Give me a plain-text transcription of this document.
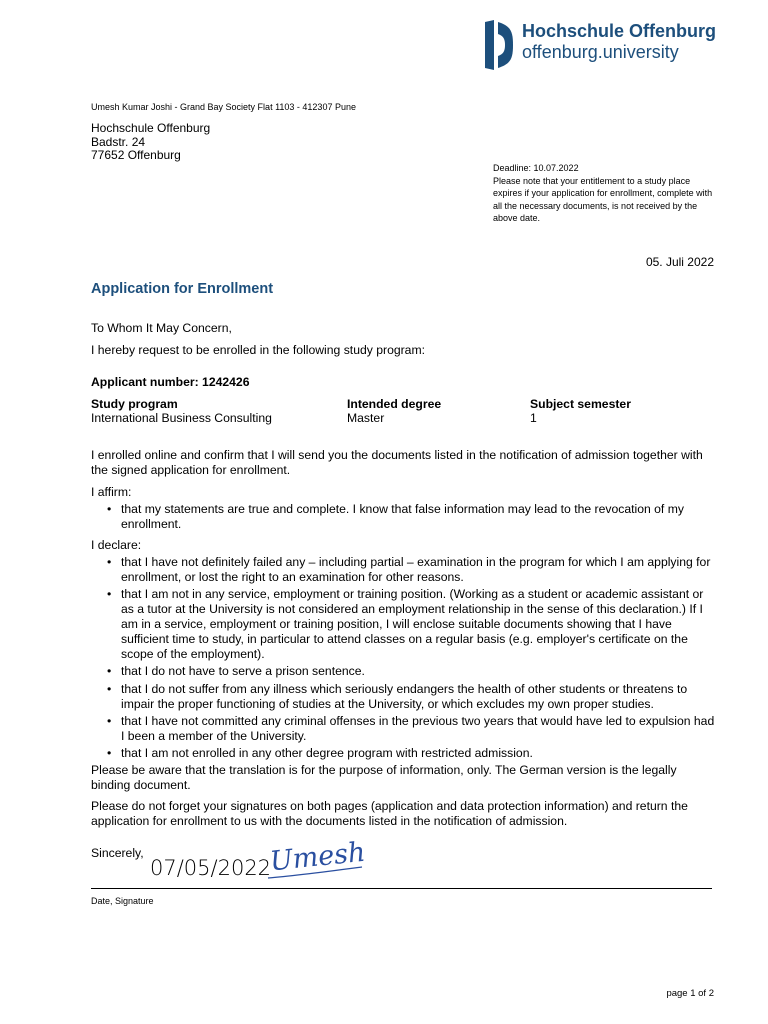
Hochschule Offenburg
offenburg.university
Umesh Kumar Joshi - Grand Bay Society Flat 1103 - 412307 Pune
Hochschule Offenburg
Badstr. 24
77652 Offenburg
Deadline: 10.07.2022
Please note that your entitlement to a study place expires if your application for enrollment, complete with all the necessary documents, is not received by the above date.
05. Juli 2022
Application for Enrollment
To Whom It May Concern,
I hereby request to be enrolled in the following study program:
Applicant number: 1242426
Study program	Intended degree	Subject semester
International Business Consulting	Master	1
I enrolled online and confirm that I will send you the documents listed in the notification of admission together with the signed application for enrollment.
I affirm:
• that my statements are true and complete. I know that false information may lead to the revocation of my enrollment.
I declare:
• that I have not definitely failed any – including partial – examination in the program for which I am applying for enrollment, or lost the right to an examination for other reasons.
• that I am not in any service, employment or training position. (Working as a student or academic assistant or as a tutor at the University is not considered an employment relationship in the sense of this declaration.) If I am in a service, employment or training position, I will enclose suitable documents showing that I have sufficient time to study, in particular to attend classes on a regular basis (e.g. employer's certificate on the scope of the employment).
• that I do not have to serve a prison sentence.
• that I do not suffer from any illness which seriously endangers the health of other students or threatens to impair the proper functioning of studies at the University, or which excludes my own proper studies.
• that I have not committed any criminal offenses in the previous two years that would have led to expulsion had I been a member of the University.
• that I am not enrolled in any other degree program with restricted admission.
Please be aware that the translation is for the purpose of information, only. The German version is the legally binding document.
Please do not forget your signatures on both pages (application and data protection information) and return the application for enrollment to us with the documents listed in the notification of admission.
Sincerely,
07/05/2022
Umesh
Date, Signature
page 1 of 2
